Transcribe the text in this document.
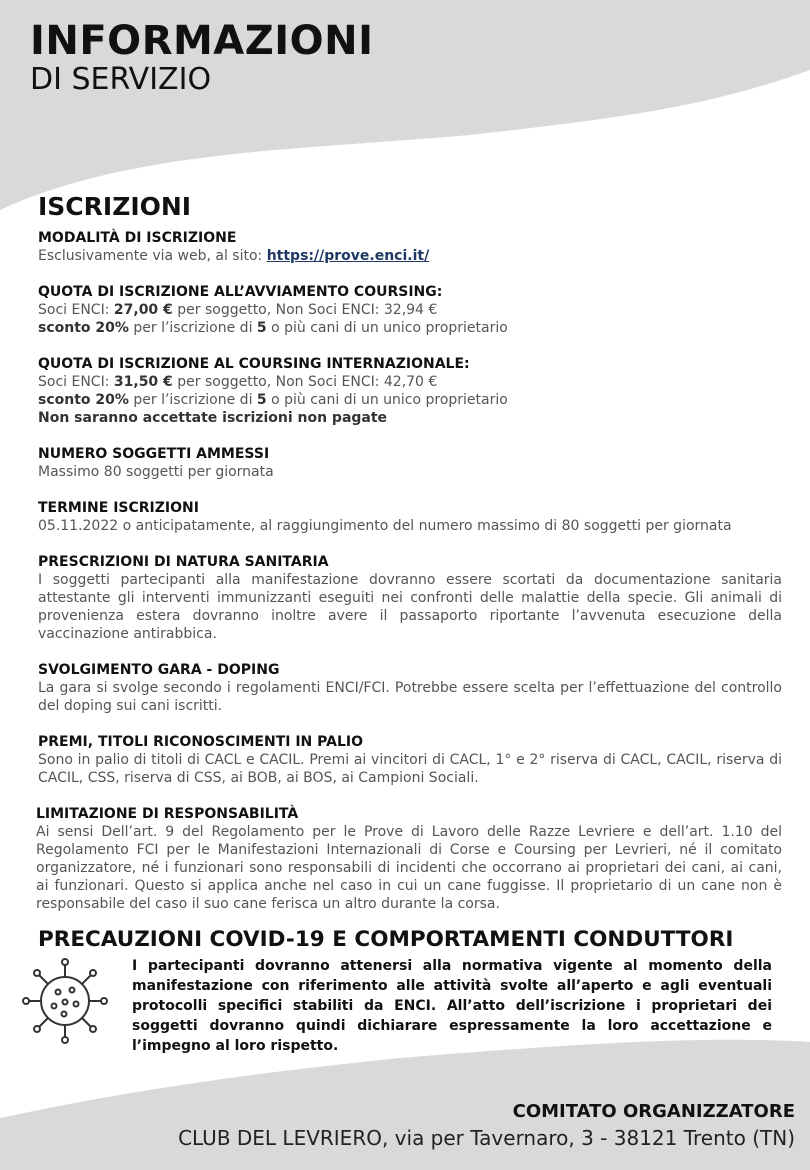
INFORMAZIONI
DI SERVIZIO
ISCRIZIONI
MODALITÀ DI ISCRIZIONE
Esclusivamente via web, al sito: https://prove.enci.it/
QUOTA DI ISCRIZIONE ALL’AVVIAMENTO COURSING:
Soci ENCI: 27,00 € per soggetto, Non Soci ENCI: 32,94 €
sconto 20% per l’iscrizione di 5 o più cani di un unico proprietario
QUOTA DI ISCRIZIONE AL COURSING INTERNAZIONALE:
Soci ENCI: 31,50 € per soggetto, Non Soci ENCI: 42,70 €
sconto 20% per l’iscrizione di 5 o più cani di un unico proprietario
Non saranno accettate iscrizioni non pagate
NUMERO SOGGETTI AMMESSI
Massimo 80 soggetti per giornata
TERMINE ISCRIZIONI
05.11.2022 o anticipatamente, al raggiungimento del numero massimo di 80 soggetti per giornata
PRESCRIZIONI DI NATURA SANITARIA
I soggetti partecipanti alla manifestazione dovranno essere scortati da documentazione sanitaria attestante gli interventi immunizzanti eseguiti nei confronti delle malattie della specie. Gli animali di provenienza estera dovranno inoltre avere il passaporto riportante l’avvenuta esecuzione della vaccinazione antirabbica.
SVOLGIMENTO GARA - DOPING
La gara si svolge secondo i regolamenti ENCI/FCI. Potrebbe essere scelta per l’effettuazione del controllo del doping sui cani iscritti.
PREMI, TITOLI RICONOSCIMENTI IN PALIO
Sono in palio di titoli di CACL e CACIL. Premi ai vincitori di CACL, 1° e 2° riserva di CACL, CACIL, riserva di CACIL, CSS, riserva di CSS, ai BOB, ai BOS, ai Campioni Sociali.
LIMITAZIONE DI RESPONSABILITÀ
Ai sensi Dell’art. 9 del Regolamento per le Prove di Lavoro delle Razze Levriere e dell’art. 1.10 del Regolamento FCI per le Manifestazioni Internazionali di Corse e Coursing per Levrieri, né il comitato organizzatore, né i funzionari sono responsabili di incidenti che occorrano ai proprietari dei cani, ai cani, ai funzionari. Questo si applica anche nel caso in cui un cane fuggisse. Il proprietario di un cane non è responsabile del caso il suo cane ferisca un altro durante la corsa.
PRECAUZIONI COVID-19 E COMPORTAMENTI CONDUTTORI
I partecipanti dovranno attenersi alla normativa vigente al momento della manifestazione con riferimento alle attività svolte all’aperto e agli eventuali protocolli specifici stabiliti da ENCI. All’atto dell’iscrizione i proprietari dei soggetti dovranno quindi dichiarare espressamente la loro accettazione e l’impegno al loro rispetto.
COMITATO ORGANIZZATORE
CLUB DEL LEVRIERO, via per Tavernaro, 3 - 38121 Trento (TN)
